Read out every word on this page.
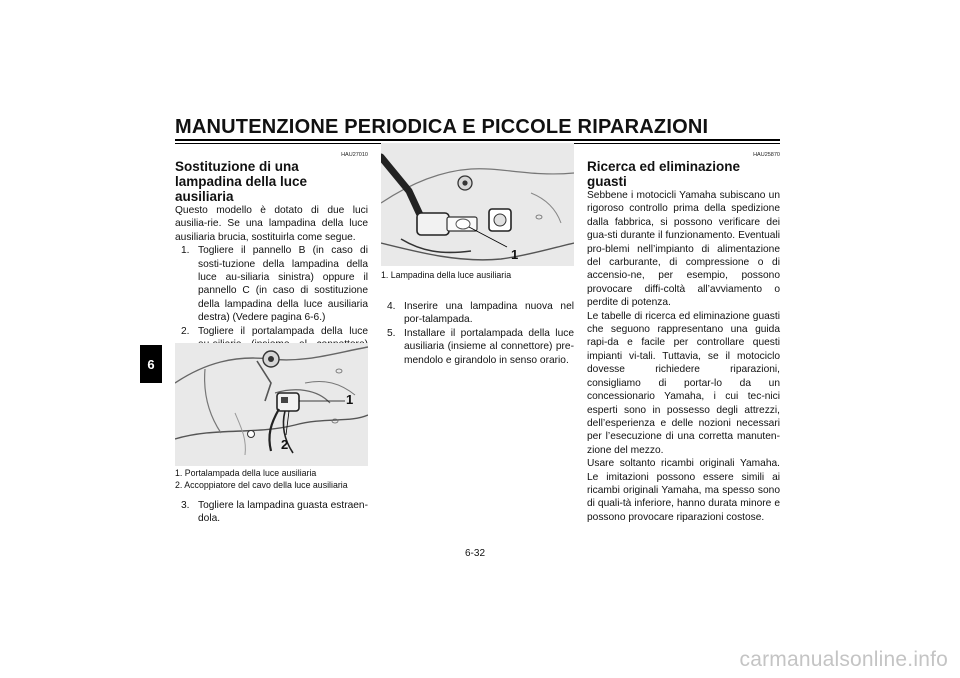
MANUTENZIONE PERIODICA E PICCOLE RIPARAZIONI
6
HAU27010
Sostituzione di una lampadina della luce ausiliaria

Questo modello è dotato di due luci ausilia-rie. Se una lampadina della luce ausiliaria brucia, sostituirla come segue.

1. Togliere il pannello B (in caso di sosti-tuzione della lampadina della luce au-siliaria sinistra) oppure il pannello C (in caso di sostituzione della lampadina della luce ausiliaria destra) (Vedere pagina 6-6.)
2. Togliere il portalampada della luce
1
2
1. Portalampada della luce ausiliaria
2. Accoppiatore del cavo della luce ausiliaria
3. Togliere la lampadina guasta estraen-dola.
1
1. Lampadina della luce ausiliaria
4. Inserire una lampadina nuova nel por-talampada.
5. Installare il portalampada della luce ausiliaria (insieme al connettore) pre-mendolo e girandolo in senso orario.
HAU25870
Ricerca ed eliminazione guasti

Sebbene i motocicli Yamaha subiscano un rigoroso controllo prima della spedizione dalla fabbrica, si possono verificare dei gua-sti durante il funzionamento. Eventuali pro-blemi nell’impianto di alimentazione del carburante, di compressione o di accensio-ne, per esempio, possono provocare diffi-coltà all’avviamento o perdite di potenza.

Le tabelle di ricerca ed eliminazione guasti che seguono rappresentano una guida rapi-da e facile per controllare questi impianti vi-tali. Tuttavia, se il motociclo dovesse richiedere riparazioni, consigliamo di portar-lo da un concessionario Yamaha, i cui tec-nici esperti sono in possesso degli attrezzi, dell’esperienza e delle nozioni necessari per l’esecuzione di una corretta manuten-zione del mezzo.

Usare soltanto ricambi originali Yamaha. Le imitazioni possono essere simili ai ricambi originali Yamaha, ma spesso sono di quali-tà inferiore, hanno durata minore e possono provocare riparazioni costose.

6-32
carmanualsonline.info
